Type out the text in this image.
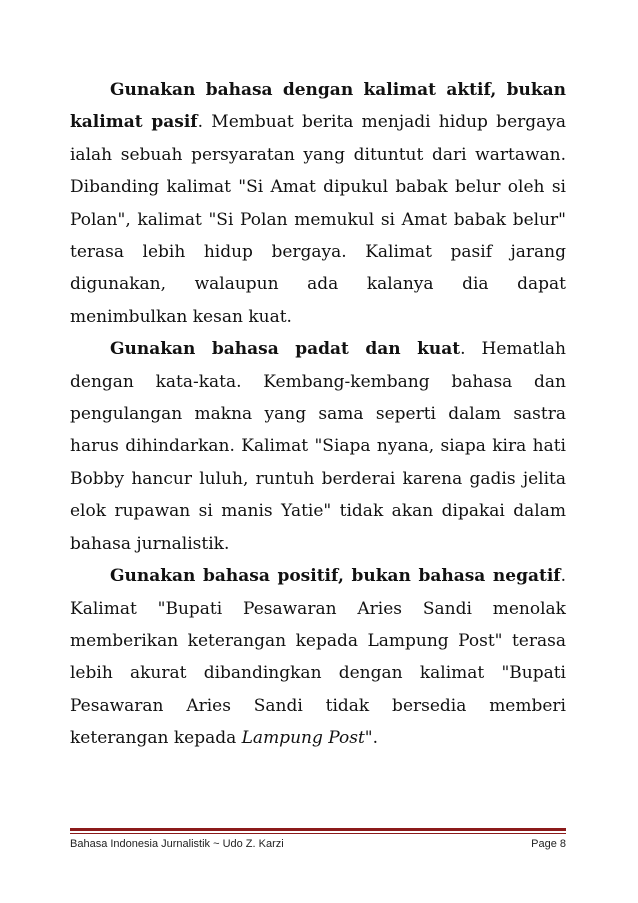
Gunakan bahasa dengan kalimat aktif, bukan kalimat pasif. Membuat berita menjadi hidup bergaya ialah sebuah persyaratan yang dituntut dari wartawan. Dibanding kalimat "Si Amat dipukul babak belur oleh si Polan", kalimat "Si Polan memukul si Amat babak belur" terasa lebih hidup bergaya. Kalimat pasif jarang digunakan, walaupun ada kalanya dia dapat menimbulkan kesan kuat.

Gunakan bahasa padat dan kuat. Hematlah dengan kata-kata. Kembang-kembang bahasa dan pengulangan makna yang sama seperti dalam sastra harus dihindarkan. Kalimat "Siapa nyana, siapa kira hati Bobby hancur luluh, runtuh berderai karena gadis jelita elok rupawan si manis Yatie" tidak akan dipakai dalam bahasa jurnalistik.

Gunakan bahasa positif, bukan bahasa negatif. Kalimat "Bupati Pesawaran Aries Sandi menolak memberikan keterangan kepada Lampung Post" terasa lebih akurat dibandingkan dengan kalimat "Bupati Pesawaran Aries Sandi tidak bersedia memberi keterangan kepada Lampung Post".

Bahasa Indonesia Jurnalistik ~ Udo Z. Karzi	Page 8
